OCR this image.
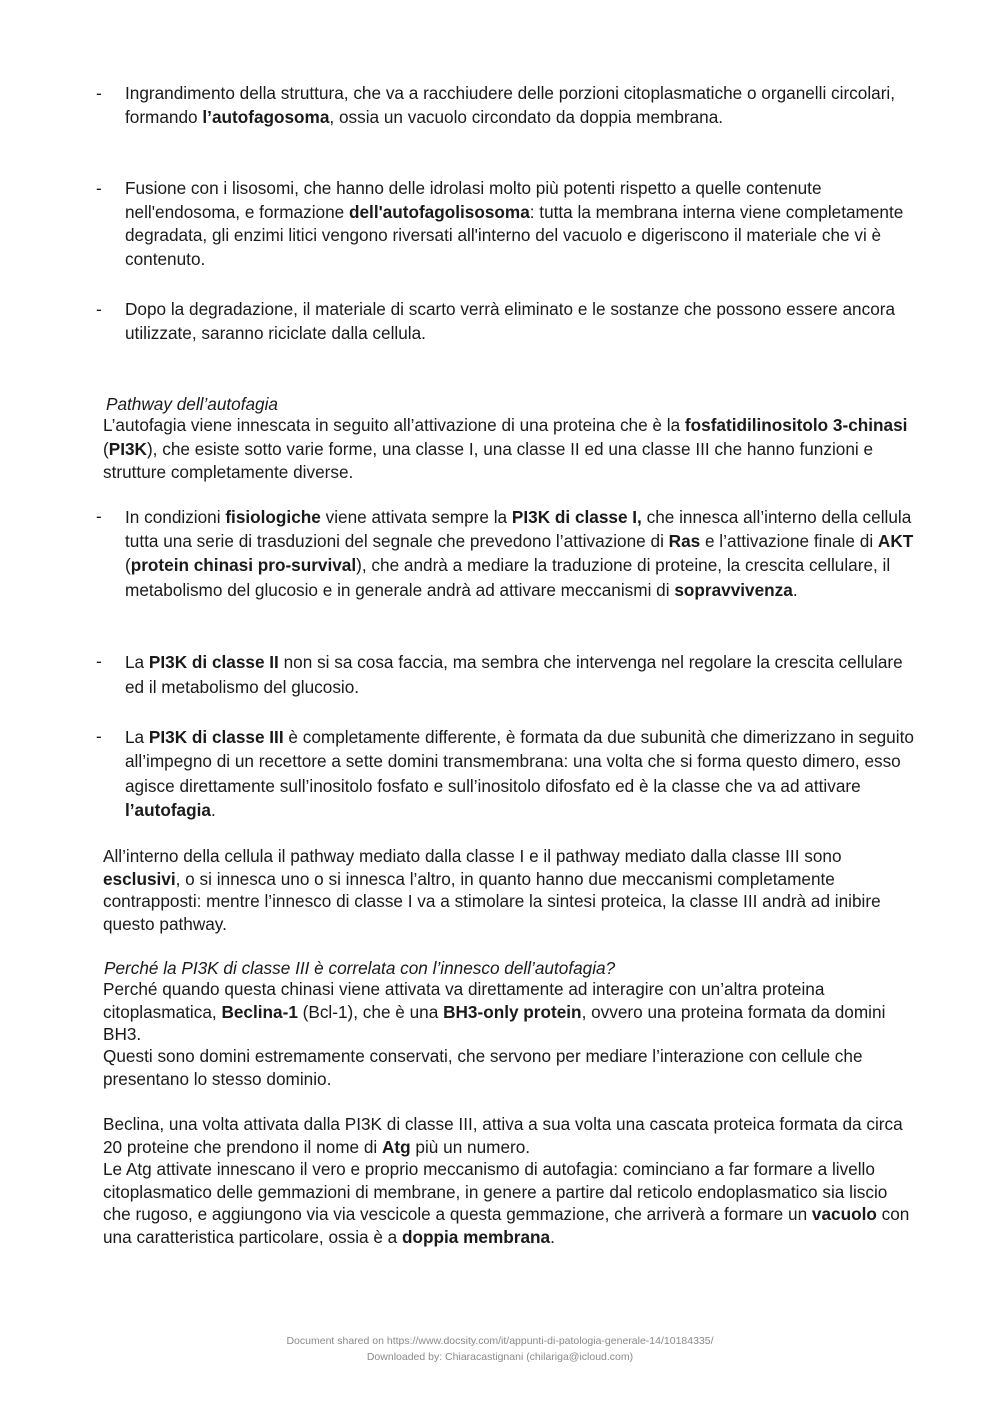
- Ingrandimento della struttura, che va a racchiudere delle porzioni citoplasmatiche o organelli circolari, formando l’autofagosoma, ossia un vacuolo circondato da doppia membrana.

- Fusione con i lisosomi, che hanno delle idrolasi molto più potenti rispetto a quelle contenute nell'endosoma, e formazione dell'autofagolisosoma: tutta la membrana interna viene completamente degradata, gli enzimi litici vengono riversati all'interno del vacuolo e digeriscono il materiale che vi è contenuto.

- Dopo la degradazione, il materiale di scarto verrà eliminato e le sostanze che possono essere ancora utilizzate, saranno riciclate dalla cellula.

Pathway dell’autofagia

L’autofagia viene innescata in seguito all’attivazione di una proteina che è la fosfatidilinositolo 3-chinasi (PI3K), che esiste sotto varie forme, una classe I, una classe II ed una classe III che hanno funzioni e strutture completamente diverse.

- In condizioni fisiologiche viene attivata sempre la PI3K di classe I, che innesca all’interno della cellula tutta una serie di trasduzioni del segnale che prevedono l’attivazione di Ras e l’attivazione finale di AKT (protein chinasi pro-survival), che andrà a mediare la traduzione di proteine, la crescita cellulare, il metabolismo del glucosio e in generale andrà ad attivare meccanismi di sopravvivenza.

- La PI3K di classe II non si sa cosa faccia, ma sembra che intervenga nel regolare la crescita cellulare ed il metabolismo del glucosio.

- La PI3K di classe III è completamente differente, è formata da due subunità che dimerizzano in seguito all’impegno di un recettore a sette domini transmembrana: una volta che si forma questo dimero, esso agisce direttamente sull’inositolo fosfato e sull’inositolo difosfato ed è la classe che va ad attivare l’autofagia.

All’interno della cellula il pathway mediato dalla classe I e il pathway mediato dalla classe III sono esclusivi, o si innesca uno o si innesca l’altro, in quanto hanno due meccanismi completamente contrapposti: mentre l’innesco di classe I va a stimolare la sintesi proteica, la classe III andrà ad inibire questo pathway.

Perché la PI3K di classe III è correlata con l’innesco dell’autofagia?

Perché quando questa chinasi viene attivata va direttamente ad interagire con un’altra proteina citoplasmatica, Beclina-1 (Bcl-1), che è una BH3-only protein, ovvero una proteina formata da domini BH3.

Questi sono domini estremamente conservati, che servono per mediare l’interazione con cellule che presentano lo stesso dominio.

Beclina, una volta attivata dalla PI3K di classe III, attiva a sua volta una cascata proteica formata da circa 20 proteine che prendono il nome di Atg più un numero.

Le Atg attivate innescano il vero e proprio meccanismo di autofagia: cominciano a far formare a livello citoplasmatico delle gemmazioni di membrane, in genere a partire dal reticolo endoplasmatico sia liscio che rugoso, e aggiungono via via vescicole a questa gemmazione, che arriverà a formare un vacuolo con una caratteristica particolare, ossia è a doppia membrana.

Document shared on https://www.docsity.com/it/appunti-di-patologia-generale-14/10184335/
Downloaded by: Chiaracastignani (chilariga@icloud.com)
